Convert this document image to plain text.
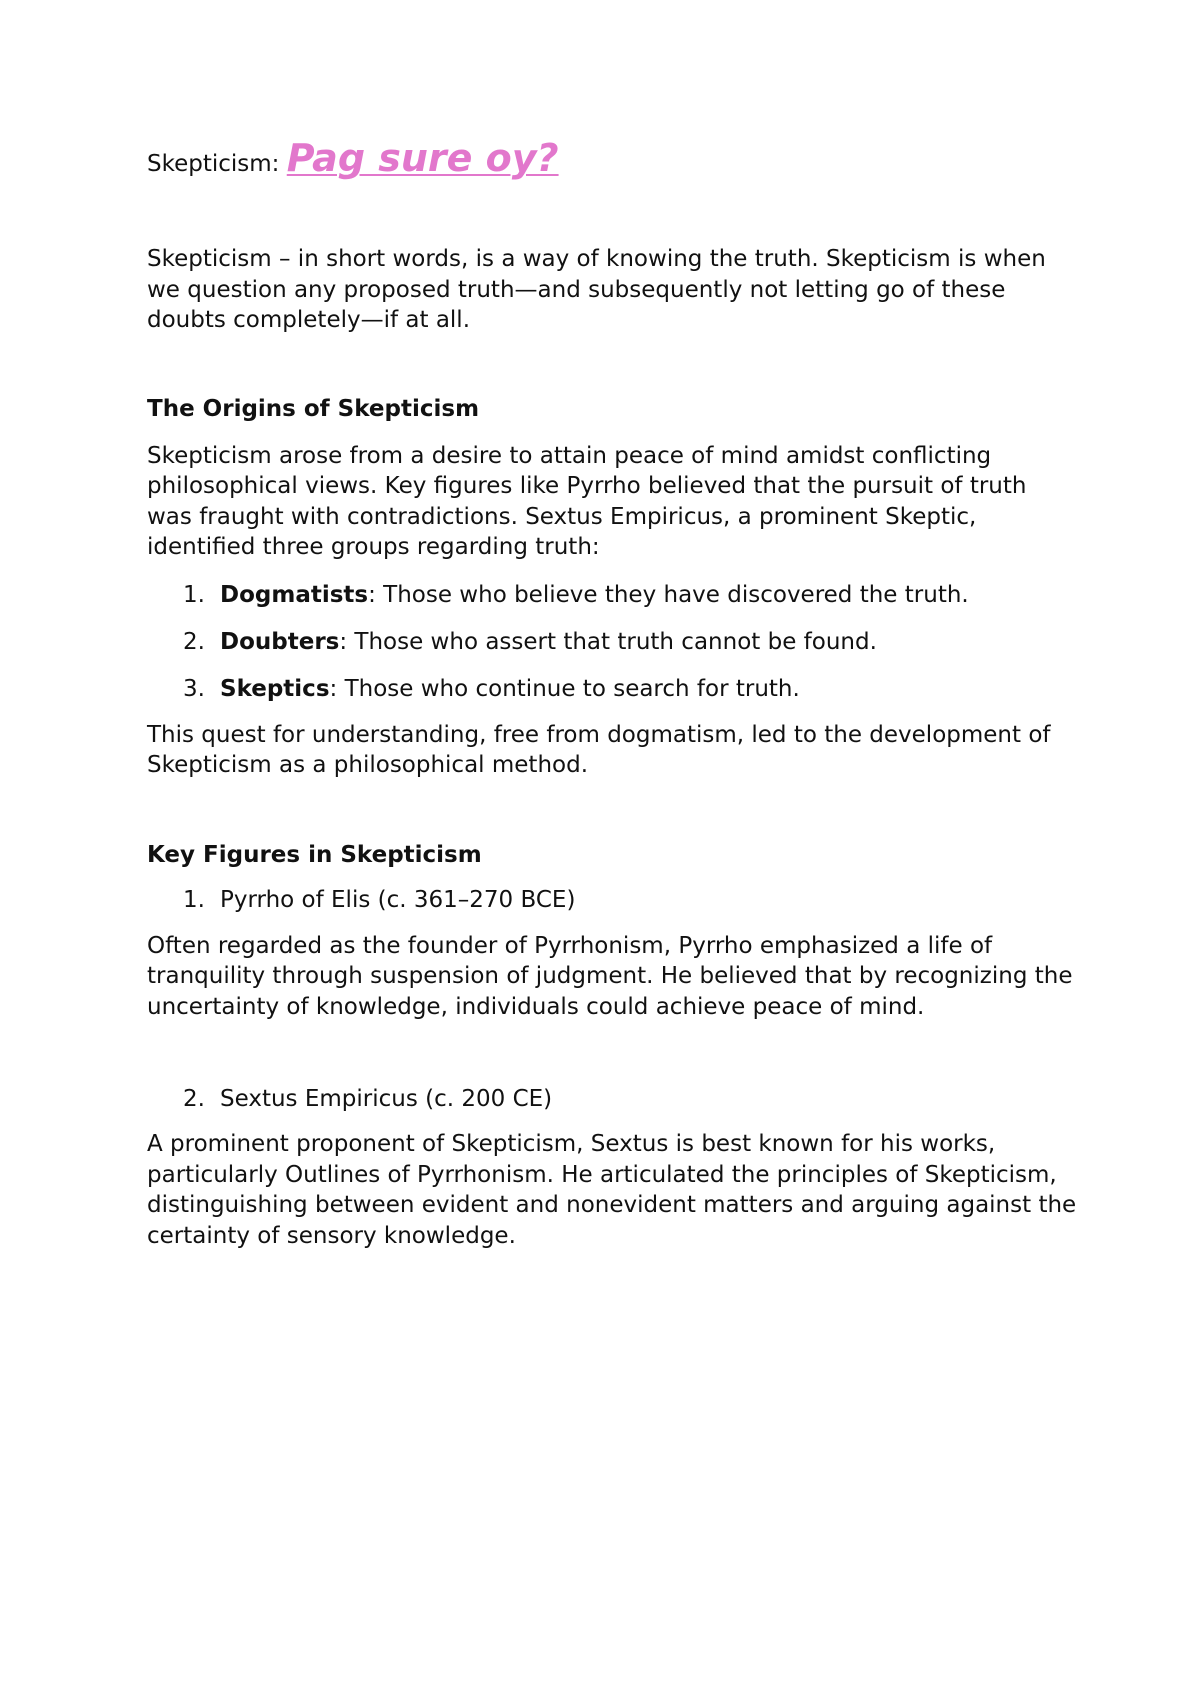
Skepticism: Pag sure oy?

Skepticism – in short words, is a way of knowing the truth. Skepticism is when we question any proposed truth—and subsequently not letting go of these doubts completely—if at all.

The Origins of Skepticism

Skepticism arose from a desire to attain peace of mind amidst conflicting philosophical views. Key figures like Pyrrho believed that the pursuit of truth was fraught with contradictions. Sextus Empiricus, a prominent Skeptic, identified three groups regarding truth:

1. Dogmatists: Those who believe they have discovered the truth.
2. Doubters: Those who assert that truth cannot be found.
3. Skeptics: Those who continue to search for truth.

This quest for understanding, free from dogmatism, led to the development of Skepticism as a philosophical method.

Key Figures in Skepticism
1. Pyrrho of Elis (c. 361–270 BCE)

Often regarded as the founder of Pyrrhonism, Pyrrho emphasized a life of tranquility through suspension of judgment. He believed that by recognizing the uncertainty of knowledge, individuals could achieve peace of mind.

2. Sextus Empiricus (c. 200 CE)

A prominent proponent of Skepticism, Sextus is best known for his works, particularly Outlines of Pyrrhonism. He articulated the principles of Skepticism, distinguishing between evident and nonevident matters and arguing against the certainty of sensory knowledge.
